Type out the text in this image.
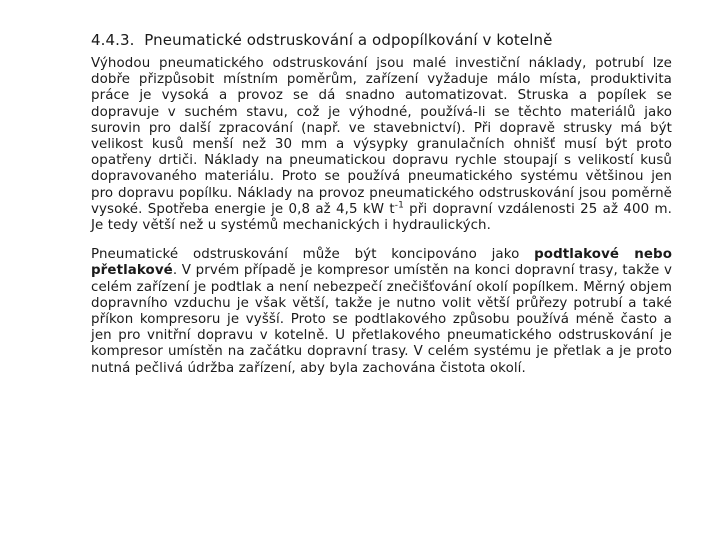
4.4.3. Pneumatické odstruskování a odpopílkování v kotelně

Výhodou pneumatického odstruskování jsou malé investiční náklady, potrubí lze dobře přizpůsobit místním poměrům, zařízení vyžaduje málo místa, produktivita práce je vysoká a provoz se dá snadno automatizovat. Struska a popílek se dopravuje v suchém stavu, což je výhodné, používá-li se těchto materiálů jako surovin pro další zpracování (např. ve stavebnictví). Při dopravě strusky má být velikost kusů menší než 30 mm a výsypky granulačních ohnišť musí být proto opatřeny drtiči. Náklady na pneumatickou dopravu rychle stoupají s velikostí kusů dopravovaného materiálu. Proto se používá pneumatického systému většinou jen pro dopravu popílku. Náklady na provoz pneumatického odstruskování jsou poměrně vysoké. Spotřeba energie je 0,8 až 4,5 kW $t^{-1}$ při dopravní vzdálenosti 25 až 400 m. Je tedy větší než u systémů mechanických i hydraulických.

Pneumatické odstruskování může být koncipováno jako podtlakové nebo přetlakové. V prvém případě je kompresor umístěn na konci dopravní trasy, takže v celém zařízení je podtlak a není nebezpečí znečišťování okolí popílkem. Měrný objem dopravního vzduchu je však větší, takže je nutno volit větší průřezy potrubí a také příkon kompresoru je vyšší. Proto se podtlakového způsobu používá méně často a jen pro vnitřní dopravu v kotelně. U přetlakového pneumatického odstruskování je kompresor umístěn na začátku dopravní trasy. V celém systému je přetlak a je proto nutná pečlivá údržba zařízení, aby byla zachována čistota okolí.
